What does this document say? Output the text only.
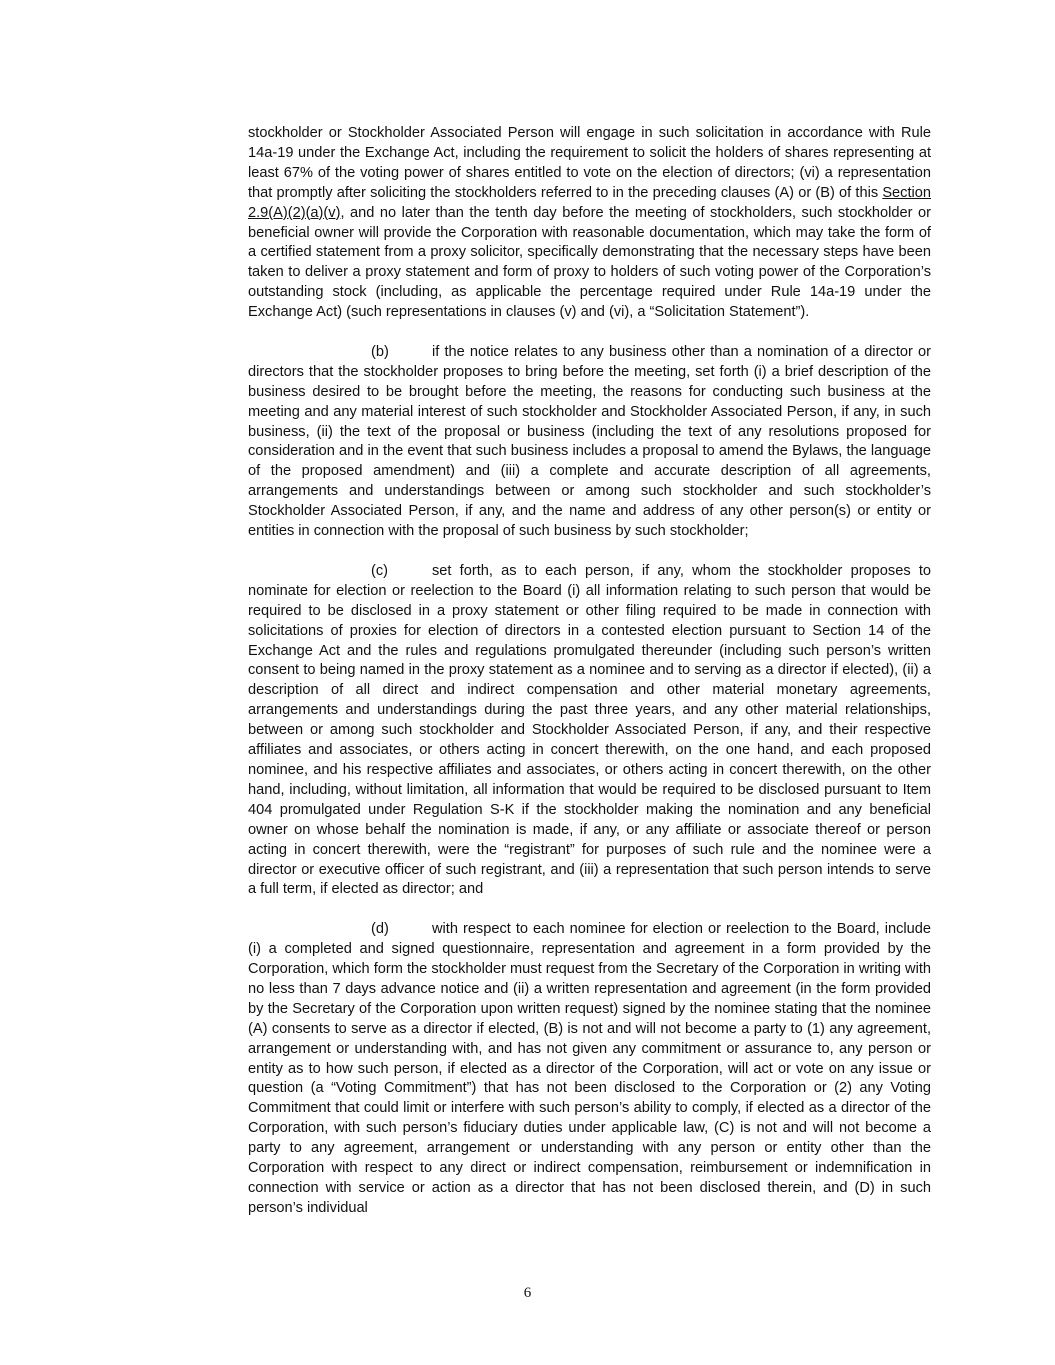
stockholder or Stockholder Associated Person will engage in such solicitation in accordance with Rule 14a-19 under the Exchange Act, including the requirement to solicit the holders of shares representing at least 67% of the voting power of shares entitled to vote on the election of directors; (vi) a representation that promptly after soliciting the stockholders referred to in the preceding clauses (A) or (B) of this Section 2.9(A)(2)(a)(v), and no later than the tenth day before the meeting of stockholders, such stockholder or beneficial owner will provide the Corporation with reasonable documentation, which may take the form of a certified statement from a proxy solicitor, specifically demonstrating that the necessary steps have been taken to deliver a proxy statement and form of proxy to holders of such voting power of the Corporation’s outstanding stock (including, as applicable the percentage required under Rule 14a-19 under the Exchange Act) (such representations in clauses (v) and (vi), a “Solicitation Statement”).

(b)	if the notice relates to any business other than a nomination of a director or directors that the stockholder proposes to bring before the meeting, set forth (i) a brief description of the business desired to be brought before the meeting, the reasons for conducting such business at the meeting and any material interest of such stockholder and Stockholder Associated Person, if any, in such business, (ii) the text of the proposal or business (including the text of any resolutions proposed for consideration and in the event that such business includes a proposal to amend the Bylaws, the language of the proposed amendment) and (iii) a complete and accurate description of all agreements, arrangements and understandings between or among such stockholder and such stockholder’s Stockholder Associated Person, if any, and the name and address of any other person(s) or entity or entities in connection with the proposal of such business by such stockholder;

(c)	set forth, as to each person, if any, whom the stockholder proposes to nominate for election or reelection to the Board (i) all information relating to such person that would be required to be disclosed in a proxy statement or other filing required to be made in connection with solicitations of proxies for election of directors in a contested election pursuant to Section 14 of the Exchange Act and the rules and regulations promulgated thereunder (including such person’s written consent to being named in the proxy statement as a nominee and to serving as a director if elected), (ii) a description of all direct and indirect compensation and other material monetary agreements, arrangements and understandings during the past three years, and any other material relationships, between or among such stockholder and Stockholder Associated Person, if any, and their respective affiliates and associates, or others acting in concert therewith, on the one hand, and each proposed nominee, and his respective affiliates and associates, or others acting in concert therewith, on the other hand, including, without limitation, all information that would be required to be disclosed pursuant to Item 404 promulgated under Regulation S-K if the stockholder making the nomination and any beneficial owner on whose behalf the nomination is made, if any, or any affiliate or associate thereof or person acting in concert therewith, were the “registrant” for purposes of such rule and the nominee were a director or executive officer of such registrant, and (iii) a representation that such person intends to serve a full term, if elected as director; and

(d)	with respect to each nominee for election or reelection to the Board, include (i) a completed and signed questionnaire, representation and agreement in a form provided by the Corporation, which form the stockholder must request from the Secretary of the Corporation in writing with no less than 7 days advance notice and (ii) a written representation and agreement (in the form provided by the Secretary of the Corporation upon written request) signed by the nominee stating that the nominee (A) consents to serve as a director if elected, (B) is not and will not become a party to (1) any agreement, arrangement or understanding with, and has not given any commitment or assurance to, any person or entity as to how such person, if elected as a director of the Corporation, will act or vote on any issue or question (a “Voting Commitment”) that has not been disclosed to the Corporation or (2) any Voting Commitment that could limit or interfere with such person’s ability to comply, if elected as a director of the Corporation, with such person’s fiduciary duties under applicable law, (C) is not and will not become a party to any agreement, arrangement or understanding with any person or entity other than the Corporation with respect to any direct or indirect compensation, reimbursement or indemnification in connection with service or action as a director that has not been disclosed therein, and (D) in such person’s individual

6
